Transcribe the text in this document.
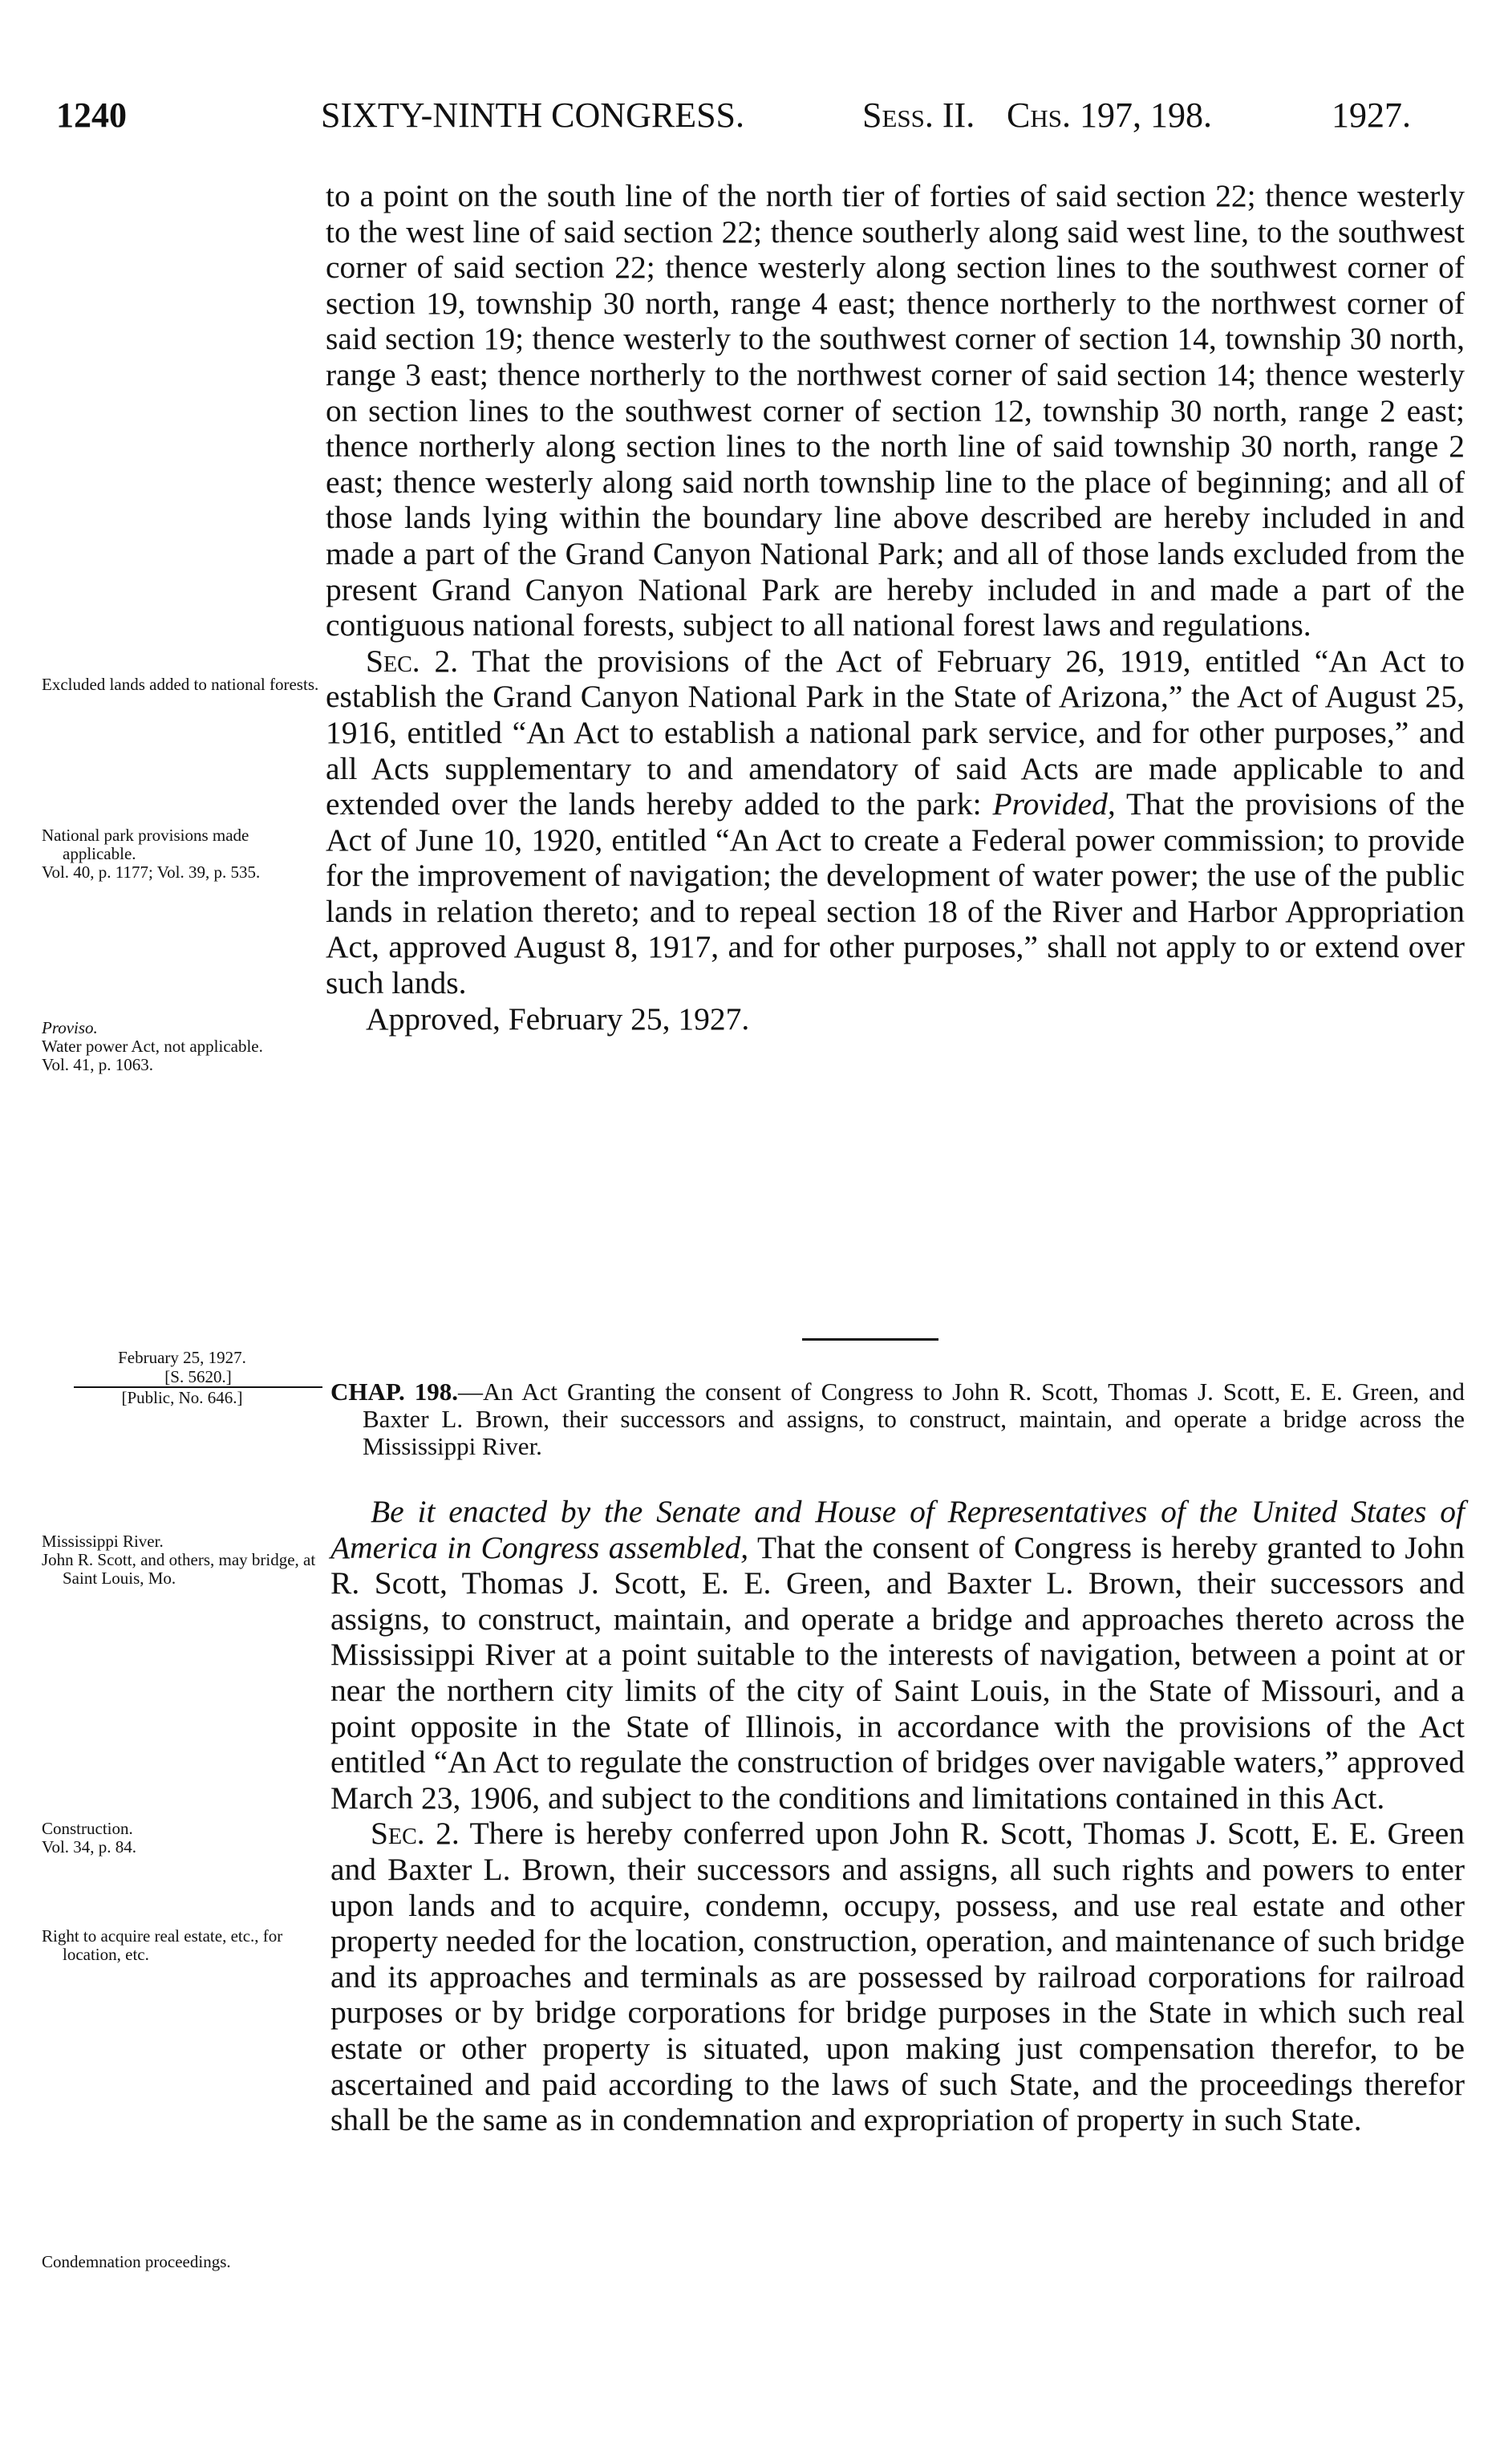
1240	SIXTY-NINTH CONGRESS.	Sess. II. Chs. 197, 198.	1927.

to a point on the south line of the north tier of forties of said section 22; thence westerly to the west line of said section 22; thence southerly along said west line, to the southwest corner of said section 22; thence westerly along section lines to the southwest corner of section 19, township 30 north, range 4 east; thence northerly to the northwest corner of said section 19; thence westerly to the southwest corner of section 14, township 30 north, range 3 east; thence northerly to the northwest corner of said section 14; thence westerly on section lines to the southwest corner of section 12, township 30 north, range 2 east; thence northerly along section lines to the north line of said township 30 north, range 2 east; thence westerly along said north township line to the place of beginning; and all of those lands lying within the boundary line above described are hereby included in and made a part of the Grand Canyon National Park; and all of those lands excluded from the present Grand Canyon National Park are hereby included in and made a part of the contiguous national forests, subject to all national forest laws and regulations.

Sec. 2. That the provisions of the Act of February 26, 1919, entitled “An Act to establish the Grand Canyon National Park in the State of Arizona,” the Act of August 25, 1916, entitled “An Act to establish a national park service, and for other purposes,” and all Acts supplementary to and amendatory of said Acts are made applicable to and extended over the lands hereby added to the park: Provided, That the provisions of the Act of June 10, 1920, entitled “An Act to create a Federal power commission; to provide for the improvement of navigation; the development of water power; the use of the public lands in relation thereto; and to repeal section 18 of the River and Harbor Appropriation Act, approved August 8, 1917, and for other purposes,” shall not apply to or extend over such lands.

Approved, February 25, 1927.

Excluded lands added to national forests.

National park provisions made applicable.

Vol. 40, p. 1177; Vol. 39, p. 535.

Proviso.

Water power Act, not applicable.

Vol. 41, p. 1063.

February 25, 1927.
[S. 5620.]
[Public, No. 646.]	CHAP. 198.—An Act Granting the consent of Congress to John R. Scott, Thomas J. Scott, E. E. Green, and Baxter L. Brown, their successors and assigns, to construct, maintain, and operate a bridge across the Mississippi River.

Be it enacted by the Senate and House of Representatives of the United States of America in Congress assembled, That the consent of Congress is hereby granted to John R. Scott, Thomas J. Scott, E. E. Green, and Baxter L. Brown, their successors and assigns, to construct, maintain, and operate a bridge and approaches thereto across the Mississippi River at a point suitable to the interests of navigation, between a point at or near the northern city limits of the city of Saint Louis, in the State of Missouri, and a point opposite in the State of Illinois, in accordance with the provisions of the Act entitled “An Act to regulate the construction of bridges over navigable waters,” approved March 23, 1906, and subject to the conditions and limitations contained in this Act.

Sec. 2. There is hereby conferred upon John R. Scott, Thomas J. Scott, E. E. Green and Baxter L. Brown, their successors and assigns, all such rights and powers to enter upon lands and to acquire, condemn, occupy, possess, and use real estate and other property needed for the location, construction, operation, and maintenance of such bridge and its approaches and terminals as are possessed by railroad corporations for railroad purposes or by bridge corporations for bridge purposes in the State in which such real estate or other property is situated, upon making just compensation therefor, to be ascertained and paid according to the laws of such State, and the proceedings therefor shall be the same as in condemnation and expropriation of property in such State.

Mississippi River.

John R. Scott, and others, may bridge, at Saint Louis, Mo.

Construction.

Vol. 34, p. 84.

Right to acquire real estate, etc., for location, etc.

Condemnation proceedings.
